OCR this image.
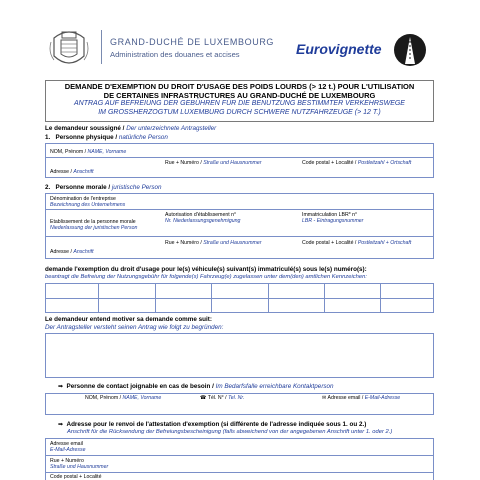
GRAND-DUCHÉ DE LUXEMBOURG
Administration des douanes et accises	Eurovignette
DEMANDE D'EXEMPTION DU DROIT D'USAGE DES POIDS LOURDS (> 12 t.) POUR L'UTILISATION
DE CERTAINES INFRASTRUCTURES AU GRAND-DUCHÉ DE LUXEMBOURG
ANTRAG AUF BEFREIUNG DER GEBÜHREN FÜR DIE BENUTZUNG BESTIMMTER VERKEHRSWEGE
IM GROSSHERZOGTUM LUXEMBURG DURCH SCHWERE NUTZFAHRZEUGE (> 12 T.)
Le demandeur soussigné / Der unterzeichnete Antragsteller
1. Personne physique / natürliche Person
NOM, Prénom / NAME, Vorname
Rue + Numéro / Straße und Hausnummer	Code postal + Localité / Postleitzahl + Ortschaft
Adresse / Anschrift
2. Personne morale / juristische Person
Dénomination de l'entreprise
Bezeichnung des Unternehmens
Etablissement de la personne morale
Niederlassung der juristischen Person
Autorisation d'établissement n°
Nr. Niederlassungsgenehmigung
Immatriculation LBR* n°
LBR - Eintragungsnummer
Rue + Numéro / Straße und Hausnummer	Code postal + Localité / Postleitzahl + Ortschaft
Adresse / Anschrift
demande l'exemption du droit d'usage pour le(s) véhicule(s) suivant(s) immatriculé(s) sous le(s) numéro(s):
beantragt die Befreiung der Nutzungsgebühr für folgende(s) Fahrzeug(e) zugelassen unter dem(den) amtlichen Kennzeichen:
Le demandeur entend motiver sa demande comme suit:
Der Antragsteller versteht seinen Antrag wie folgt zu begründen:
➡ Personne de contact joignable en cas de besoin / Im Bedarfsfalle erreichbare Kontaktperson
NOM, Prénom / NAME, Vorname	☎ Tél. N° / Tel. Nr.	✉ Adresse email / E-Mail-Adresse
➡ Adresse pour le renvoi de l'attestation d'exemption (si différente de l'adresse indiquée sous 1. ou 2.)
Anschrift für die Rücksendung der Befreiungsbescheinigung (falls abweichend von der angegebenen Anschrift unter 1. oder 2.)
Adresse email
E-Mail-Adresse
Rue + Numéro
Straße und Hausnummer
Code postal + Localité
